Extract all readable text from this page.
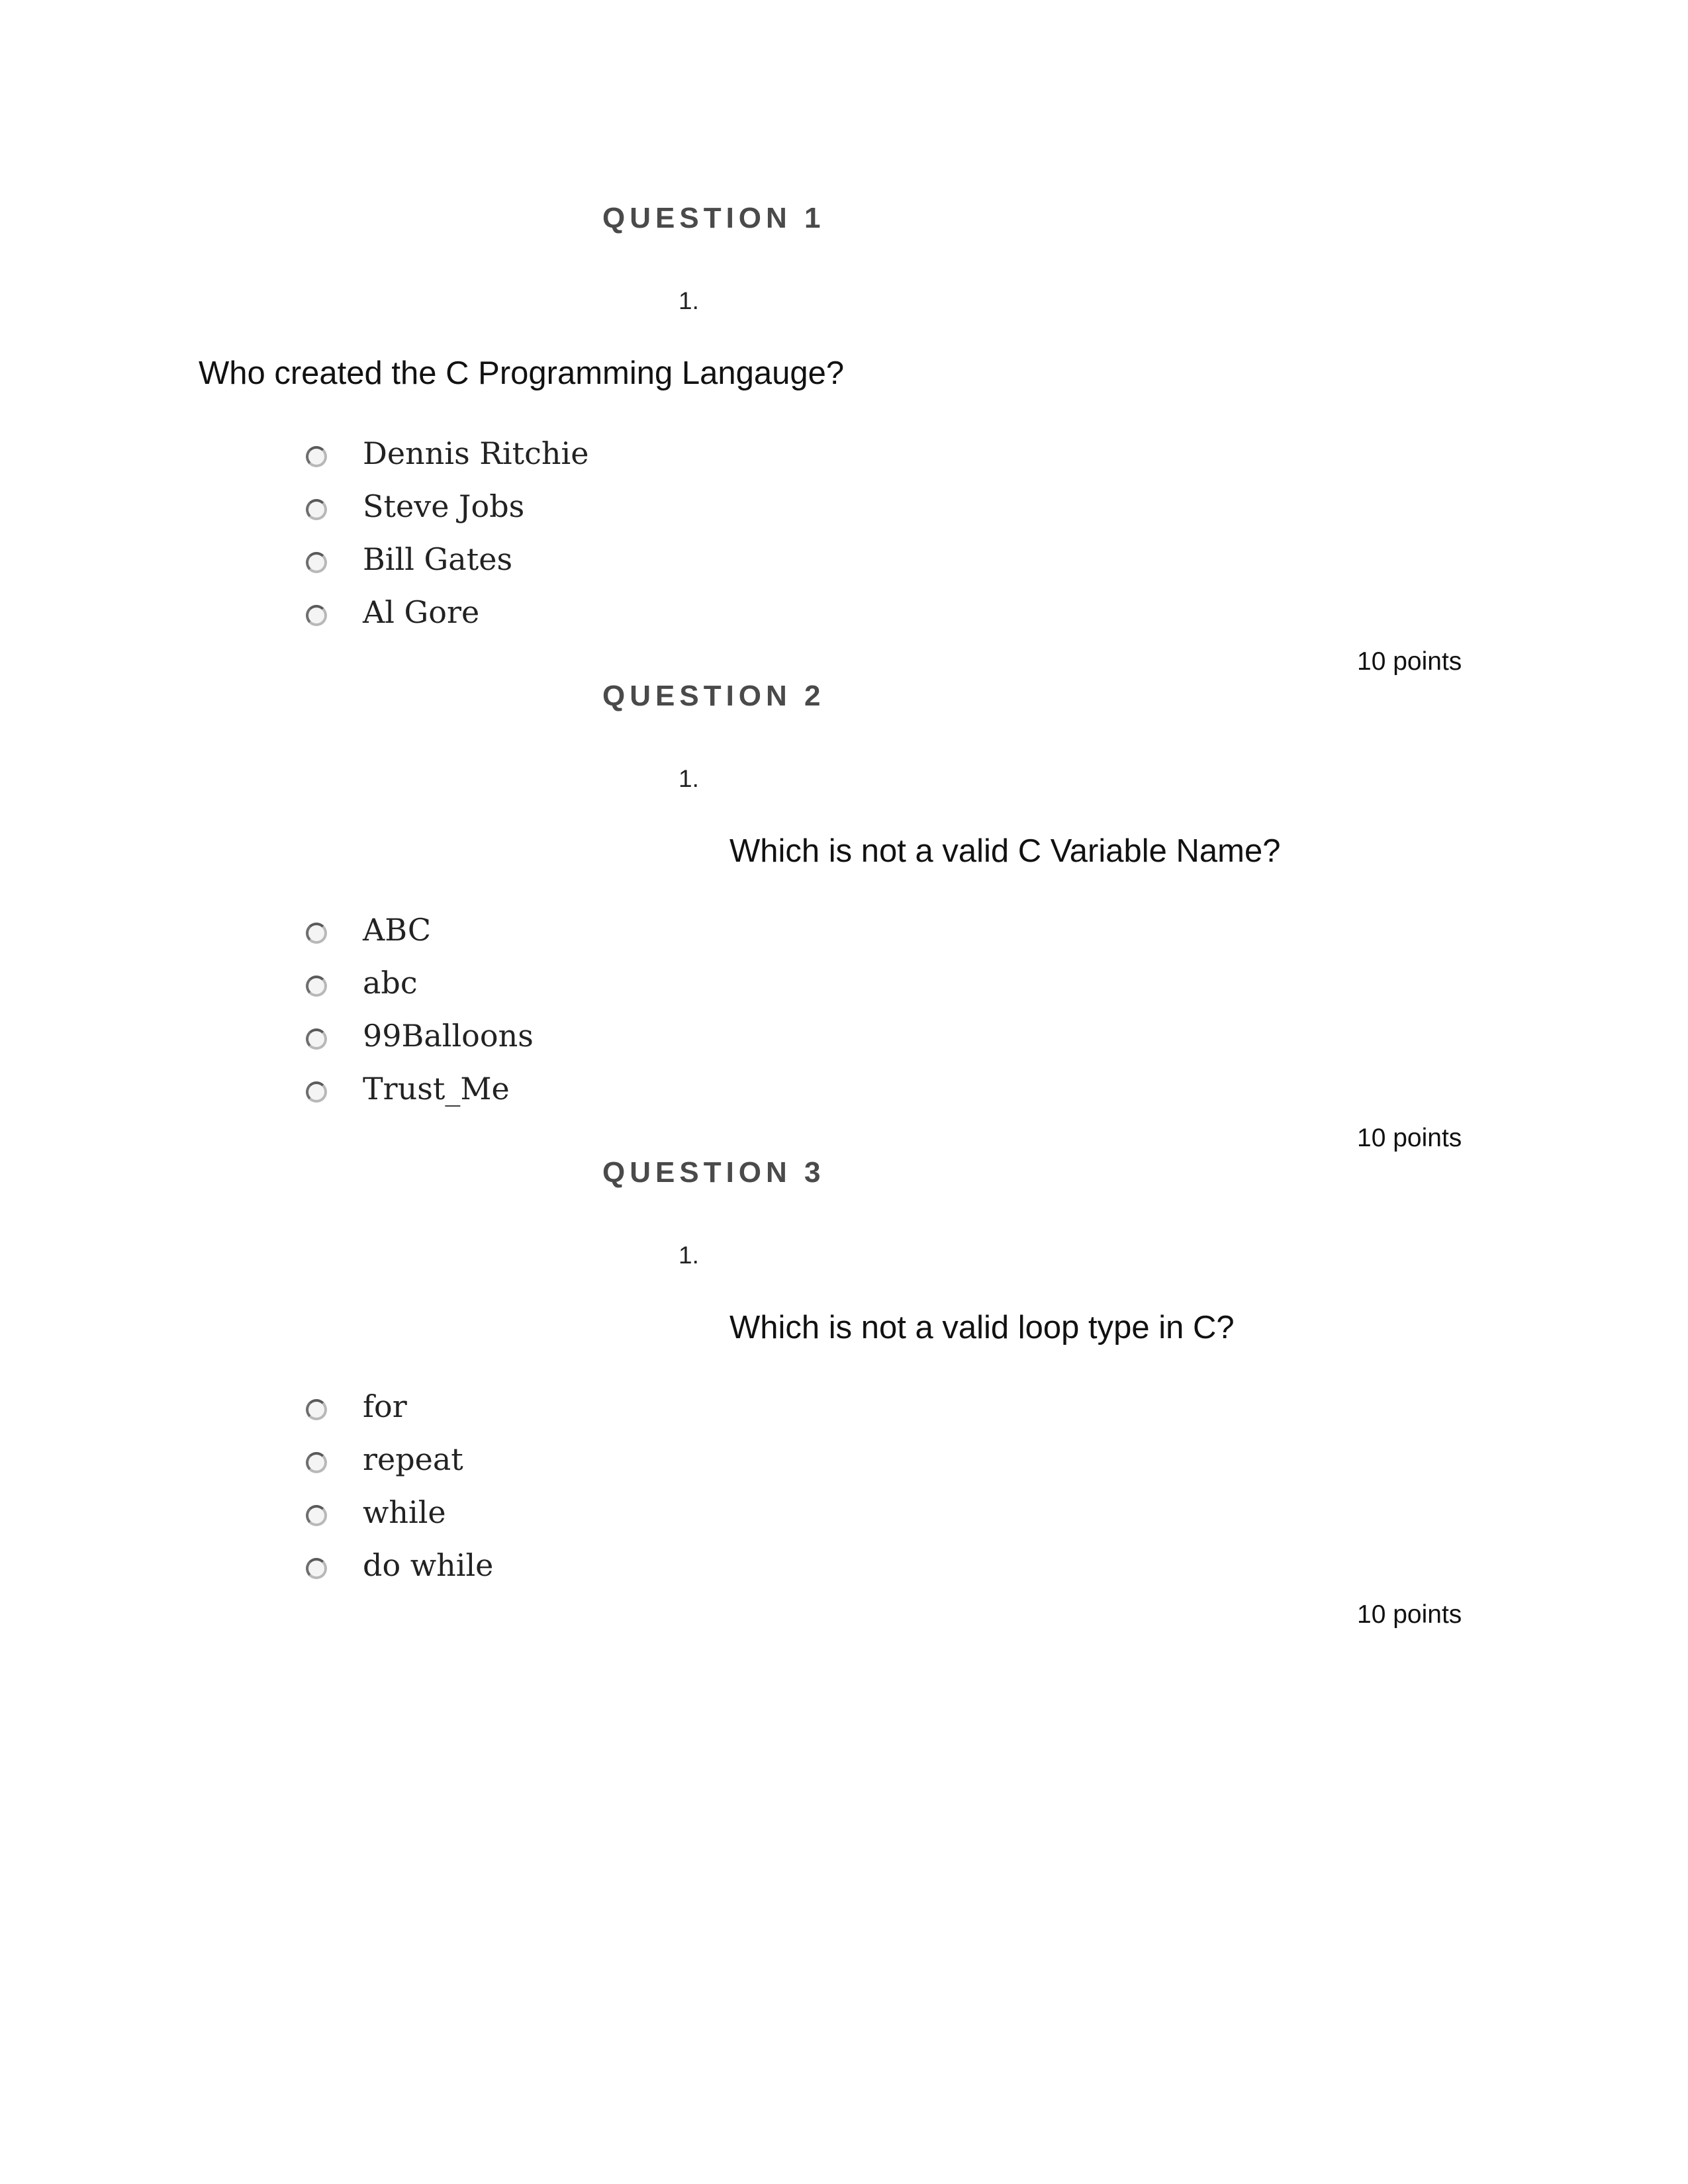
QUESTION 1
1.
Who created the C Programming Langauge?
Dennis Ritchie
Steve Jobs
Bill Gates
Al Gore
10 points
QUESTION 2
1.
Which is not a valid C Variable Name?
ABC
abc
99Balloons
Trust_Me
10 points
QUESTION 3
1.
Which is not a valid loop type in C?
for
repeat
while
do while
10 points
